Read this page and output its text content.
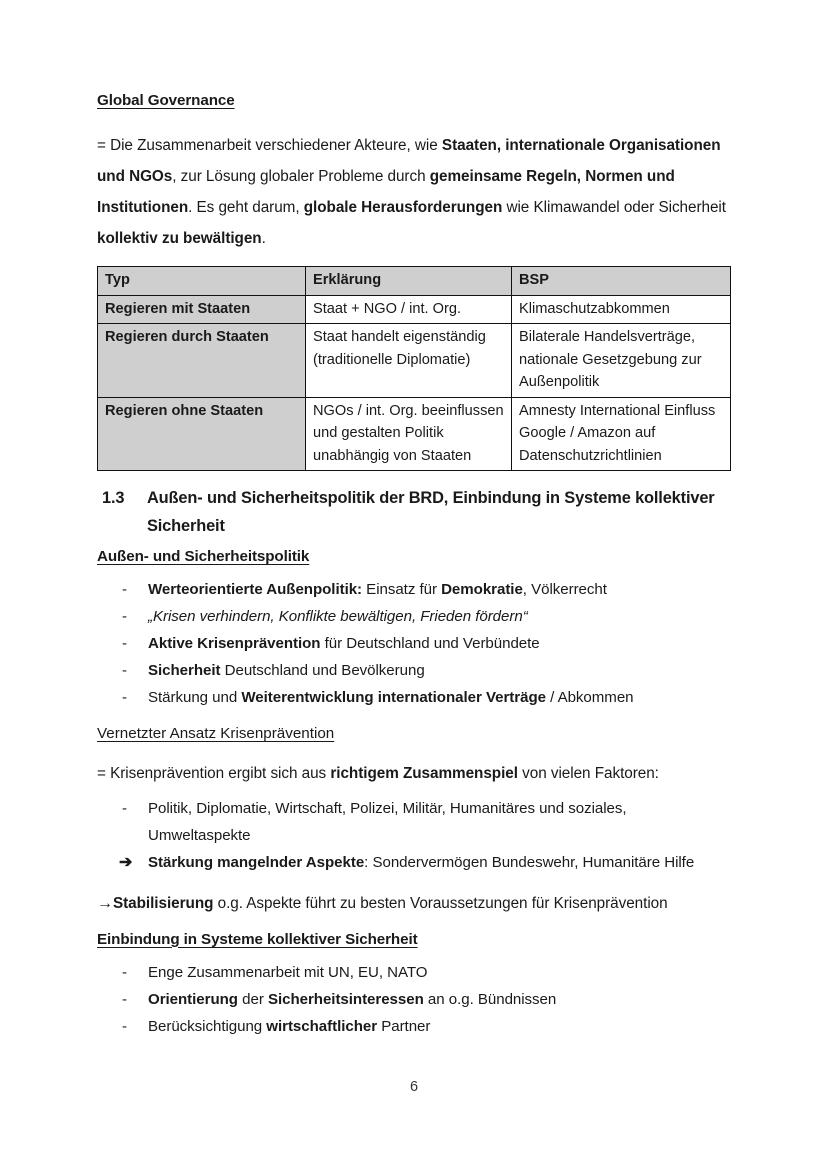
Global Governance

= Die Zusammenarbeit verschiedener Akteure, wie Staaten, internationale Organisationen und NGOs, zur Lösung globaler Probleme durch gemeinsame Regeln, Normen und Institutionen. Es geht darum, globale Herausforderungen wie Klimawandel oder Sicherheit kollektiv zu bewältigen.

Typ	Erklärung	BSP
Regieren mit Staaten	Staat + NGO / int. Org.	Klimaschutzabkommen
Regieren durch Staaten	Staat handelt eigenständig (traditionelle Diplomatie)	Bilaterale Handelsverträge, nationale Gesetzgebung zur Außenpolitik
Regieren ohne Staaten	NGOs / int. Org. beeinflussen und gestalten Politik unabhängig von Staaten	Amnesty International Einfluss Google / Amazon auf Datenschutzrichtlinien
1.3	Außen- und Sicherheitspolitik der BRD, Einbindung in Systeme kollektiver Sicherheit
Außen- und Sicherheitspolitik
-	Werteorientierte Außenpolitik: Einsatz für Demokratie, Völkerrecht
-	„Krisen verhindern, Konflikte bewältigen, Frieden fördern“
-	Aktive Krisenprävention für Deutschland und Verbündete
-	Sicherheit Deutschland und Bevölkerung
-	Stärkung und Weiterentwicklung internationaler Verträge / Abkommen
Vernetzter Ansatz Krisenprävention

= Krisenprävention ergibt sich aus richtigem Zusammenspiel von vielen Faktoren:

-	Politik, Diplomatie, Wirtschaft, Polizei, Militär, Humanitäres und soziales, Umweltaspekte
➔	Stärkung mangelnder Aspekte: Sondervermögen Bundeswehr, Humanitäre Hilfe

→Stabilisierung o.g. Aspekte führt zu besten Voraussetzungen für Krisenprävention

Einbindung in Systeme kollektiver Sicherheit
-	Enge Zusammenarbeit mit UN, EU, NATO
-	Orientierung der Sicherheitsinteressen an o.g. Bündnissen
-	Berücksichtigung wirtschaftlicher Partner
6
